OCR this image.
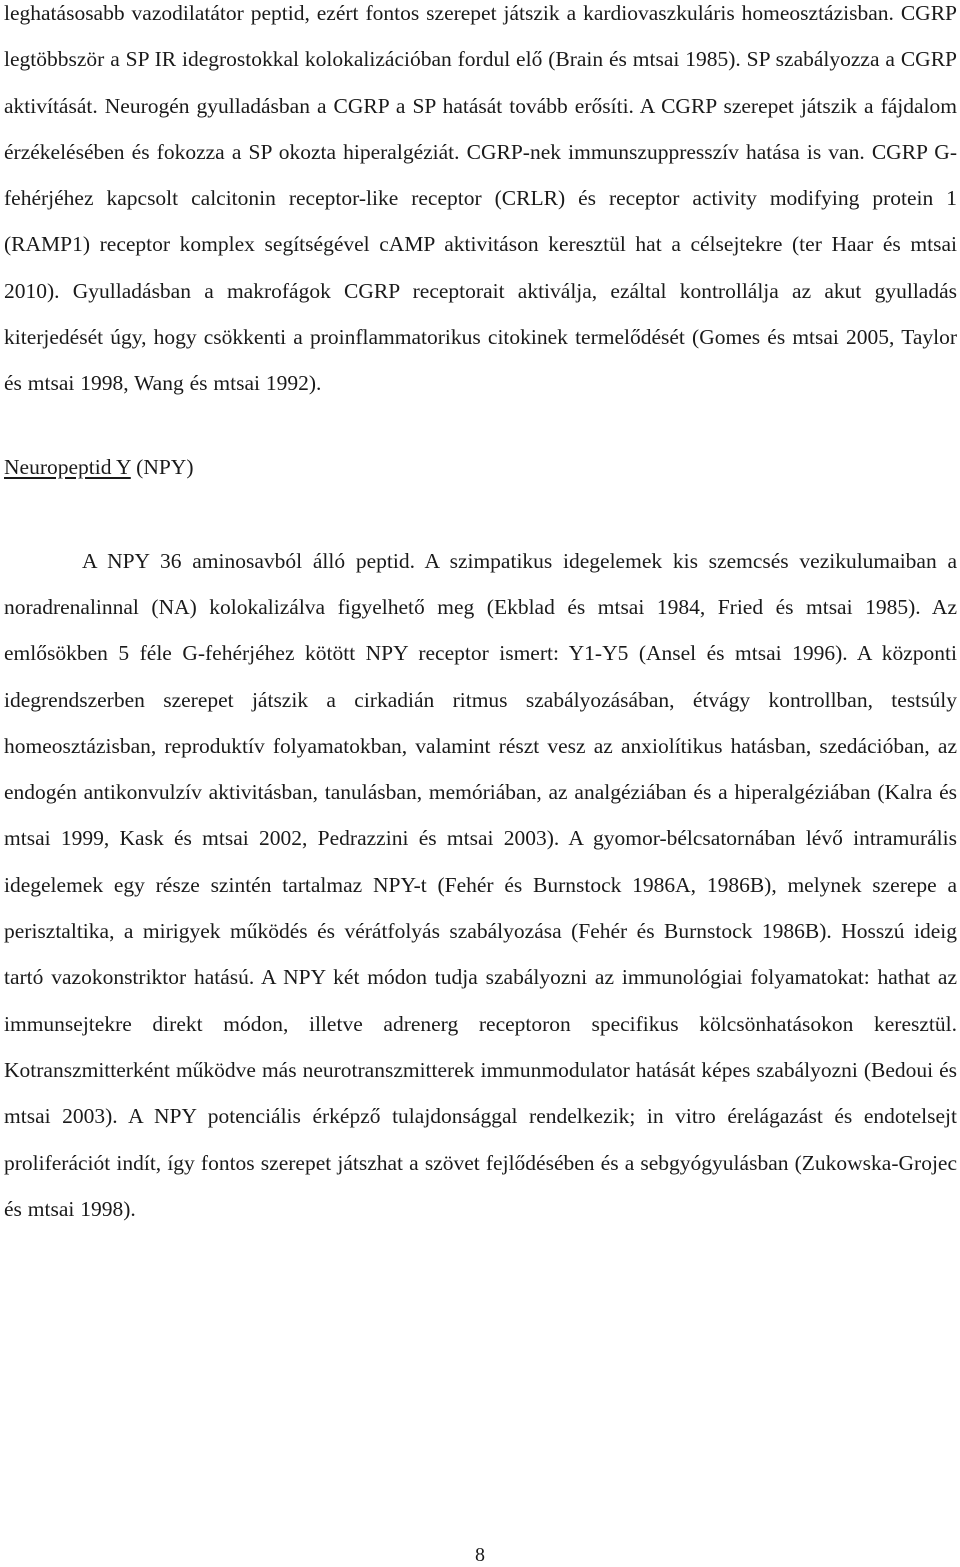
leghatásosabb vazodilatátor peptid, ezért fontos szerepet játszik a kardiovaszkuláris homeosztázisban. CGRP legtöbbször a SP IR idegrostokkal kolokalizációban fordul elő (Brain és mtsai 1985). SP szabályozza a CGRP aktivítását. Neurogén gyulladásban a CGRP a SP hatását tovább erősíti. A CGRP szerepet játszik a fájdalom érzékelésében és fokozza a SP okozta hiperalgéziát. CGRP-nek immunszuppresszív hatása is van. CGRP G-fehérjéhez kapcsolt calcitonin receptor-like receptor (CRLR) és receptor activity modifying protein 1 (RAMP1) receptor komplex segítségével cAMP aktivitáson keresztül hat a célsejtekre (ter Haar és mtsai 2010). Gyulladásban a makrofágok CGRP receptorait aktiválja, ezáltal kontrollálja az akut gyulladás kiterjedését úgy, hogy csökkenti a proinflammatorikus citokinek termelődését (Gomes és mtsai 2005, Taylor és mtsai 1998, Wang és mtsai 1992).

Neuropeptid Y (NPY)

A NPY 36 aminosavból álló peptid. A szimpatikus idegelemek kis szemcsés vezikulumaiban a noradrenalinnal (NA) kolokalizálva figyelhető meg (Ekblad és mtsai 1984, Fried és mtsai 1985). Az emlősökben 5 féle G-fehérjéhez kötött NPY receptor ismert: Y1-Y5 (Ansel és mtsai 1996). A központi idegrendszerben szerepet játszik a cirkadián ritmus szabályozásában, étvágy kontrollban, testsúly homeosztázisban, reproduktív folyamatokban, valamint részt vesz az anxiolítikus hatásban, szedációban, az endogén antikonvulzív aktivitásban, tanulásban, memóriában, az analgéziában és a hiperalgéziában (Kalra és mtsai 1999, Kask és mtsai 2002, Pedrazzini és mtsai 2003). A gyomor-bélcsatornában lévő intramurális idegelemek egy része szintén tartalmaz NPY-t (Fehér és Burnstock 1986A, 1986B), melynek szerepe a perisztaltika, a mirigyek működés és vérátfolyás szabályozása (Fehér és Burnstock 1986B). Hosszú ideig tartó vazokonstriktor hatású. A NPY két módon tudja szabályozni az immunológiai folyamatokat: hathat az immunsejtekre direkt módon, illetve adrenerg receptoron specifikus kölcsönhatásokon keresztül. Kotranszmitterként működve más neurotranszmitterek immunmodulator hatását képes szabályozni (Bedoui és mtsai 2003). A NPY potenciális érképző tulajdonsággal rendelkezik; in vitro érelágazást és endotelsejt proliferációt indít, így fontos szerepet játszhat a szövet fejlődésében és a sebgyógyulásban (Zukowska-Grojec és mtsai 1998).

8
